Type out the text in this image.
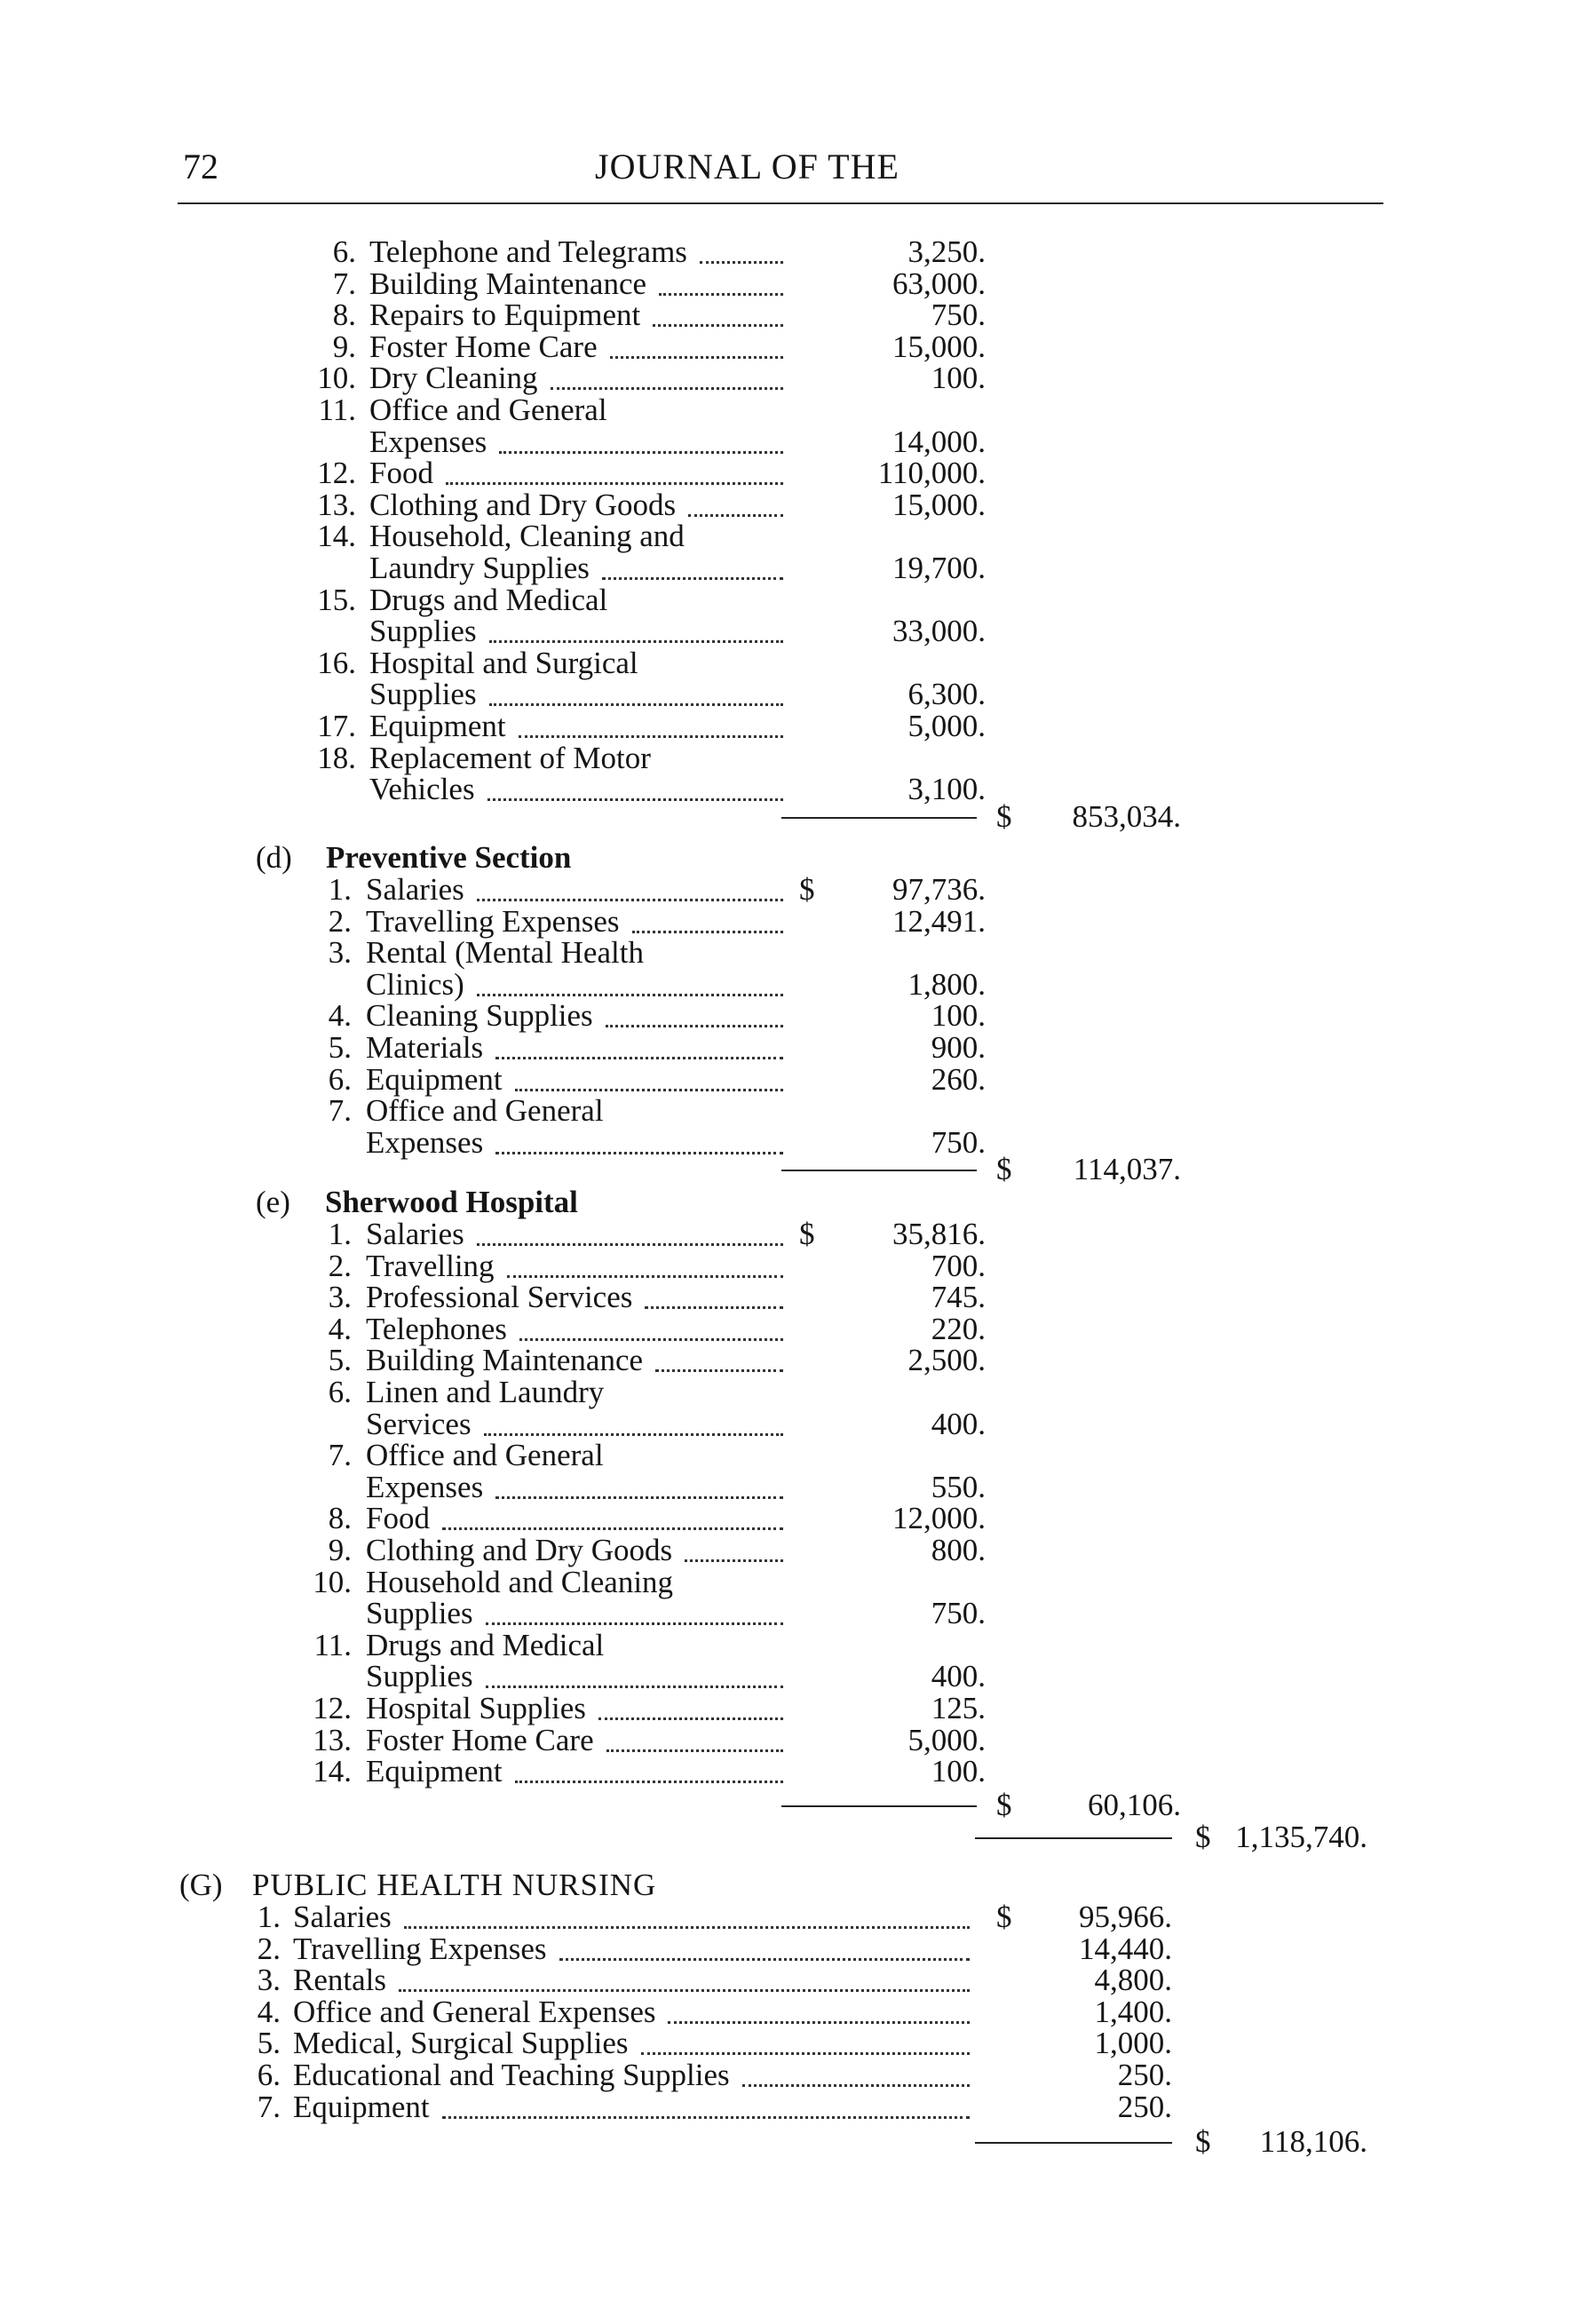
72	JOURNAL OF THE
6. Telephone and Telegrams	3,250.
7. Building Maintenance	63,000.
8. Repairs to Equipment	750.
9. Foster Home Care	15,000.
10. Dry Cleaning	100.
11. Office and General
Expenses	14,000.
12. Food	110,000.
13. Clothing and Dry Goods	15,000.
14. Household, Cleaning and
Laundry Supplies	19,700.
15. Drugs and Medical
Supplies	33,000.
16. Hospital and Surgical
Supplies	6,300.
17. Equipment	5,000.
18. Replacement of Motor
Vehicles	3,100.
$	853,034.
(d) Preventive Section
1. Salaries	$	97,736.
2. Travelling Expenses	12,491.
3. Rental (Mental Health
Clinics)	1,800.
4. Cleaning Supplies	100.
5. Materials	900.
6. Equipment	260.
7. Office and General
Expenses	750.
$	114,037.
(e) Sherwood Hospital
1. Salaries	$	35,816.
2. Travelling	700.
3. Professional Services	745.
4. Telephones	220.
5. Building Maintenance	2,500.
6. Linen and Laundry
Services	400.
7. Office and General
Expenses	550.
8. Food	12,000.
9. Clothing and Dry Goods	800.
10. Household and Cleaning
Supplies	750.
11. Drugs and Medical
Supplies	400.
12. Hospital Supplies	125.
13. Foster Home Care	5,000.
14. Equipment	100.
$	60,106.
$ 1,135,740.
(G) PUBLIC HEALTH NURSING
1. Salaries	$	95,966.
2. Travelling Expenses	14,440.
3. Rentals	4,800.
4. Office and General Expenses	1,400.
5. Medical, Surgical Supplies	1,000.
6. Educational and Teaching Supplies	250.
7. Equipment	250.
$	118,106.
